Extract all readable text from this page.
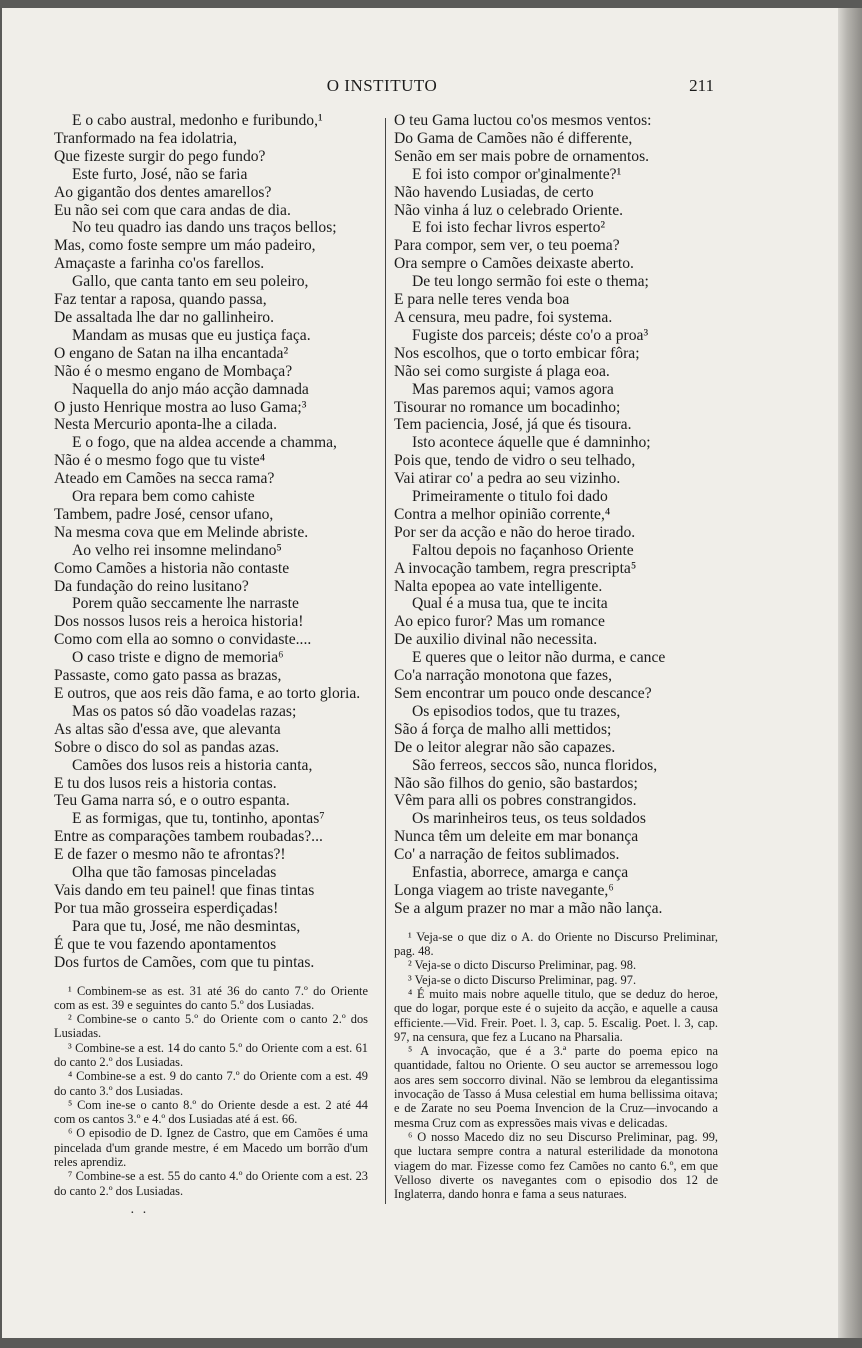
O INSTITUTO	211
E o cabo austral, medonho e furibundo,¹
Tranformado na fea idolatria,
Que fizeste surgir do pego fundo?
Este furto, José, não se faria
Ao gigantão dos dentes amarellos?
Eu não sei com que cara andas de dia.
No teu quadro ias dando uns traços bellos;
Mas, como foste sempre um máo padeiro,
Amaçaste a farinha co'os farellos.
Gallo, que canta tanto em seu poleiro,
Faz tentar a raposa, quando passa,
De assaltada lhe dar no gallinheiro.
Mandam as musas que eu justiça faça.
O engano de Satan na ilha encantada²
Não é o mesmo engano de Mombaça?
Naquella do anjo máo acção damnada
O justo Henrique mostra ao luso Gama;³
Nesta Mercurio aponta-lhe a cilada.
E o fogo, que na aldea accende a chamma,
Não é o mesmo fogo que tu viste⁴
Ateado em Camões na secca rama?
Ora repara bem como cahiste
Tambem, padre José, censor ufano,
Na mesma cova que em Melinde abriste.
Ao velho rei insomne melindano⁵
Como Camões a historia não contaste
Da fundação do reino lusitano?
Porem quão seccamente lhe narraste
Dos nossos lusos reis a heroica historia!
Como com ella ao somno o convidaste....
O caso triste e digno de memoria⁶
Passaste, como gato passa as brazas,
E outros, que aos reis dão fama, e ao torto gloria.
Mas os patos só dão voadelas razas;
As altas são d'essa ave, que alevanta
Sobre o disco do sol as pandas azas.
Camões dos lusos reis a historia canta,
E tu dos lusos reis a historia contas.
Teu Gama narra só, e o outro espanta.
E as formigas, que tu, tontinho, apontas⁷
Entre as comparações tambem roubadas?...
E de fazer o mesmo não te afrontas?!
Olha que tão famosas pinceladas
Vais dando em teu painel! que finas tintas
Por tua mão grosseira esperdiçadas!
Para que tu, José, me não desmintas,
É que te vou fazendo apontamentos
Dos furtos de Camões, com que tu pintas.
¹ Combinem-se as est. 31 até 36 do canto 7.º do Oriente com as est. 39 e seguintes do canto 5.º dos Lusiadas.
² Combine-se o canto 5.º do Oriente com o canto 2.º dos Lusiadas.
³ Combine-se a est. 14 do canto 5.º do Oriente com a est. 61 do canto 2.º dos Lusiadas.
⁴ Combine-se a est. 9 do canto 7.º do Oriente com a est. 49 do canto 3.º dos Lusiadas.
⁵ Com ine-se o canto 8.º do Oriente desde a est. 2 até 44 com os cantos 3.º e 4.º dos Lusiadas até á est. 66.
⁶ O episodio de D. Ignez de Castro, que em Camões é uma pincelada d'um grande mestre, é em Macedo um borrão d'um reles aprendiz.
⁷ Combine-se a est. 55 do canto 4.º do Oriente com a est. 23 do canto 2.º dos Lusiadas.
O teu Gama luctou co'os mesmos ventos:
Do Gama de Camões não é differente,
Senão em ser mais pobre de ornamentos.
E foi isto compor or'ginalmente?¹
Não havendo Lusiadas, de certo
Não vinha á luz o celebrado Oriente.
E foi isto fechar livros esperto²
Para compor, sem ver, o teu poema?
Ora sempre o Camões deixaste aberto.
De teu longo sermão foi este o thema;
E para nelle teres venda boa
A censura, meu padre, foi systema.
Fugiste dos parceis; déste co'o a proa³
Nos escolhos, que o torto embicar fôra;
Não sei como surgiste á plaga eoa.
Mas paremos aqui; vamos agora
Tisourar no romance um bocadinho;
Tem paciencia, José, já que és tisoura.
Isto acontece áquelle que é damninho;
Pois que, tendo de vidro o seu telhado,
Vai atirar co' a pedra ao seu vizinho.
Primeiramente o titulo foi dado
Contra a melhor opinião corrente,⁴
Por ser da acção e não do heroe tirado.
Faltou depois no façanhoso Oriente
A invocação tambem, regra prescripta⁵
Nalta epopea ao vate intelligente.
Qual é a musa tua, que te incita
Ao epico furor? Mas um romance
De auxilio divinal não necessita.
E queres que o leitor não durma, e cance
Co'a narração monotona que fazes,
Sem encontrar um pouco onde descance?
Os episodios todos, que tu trazes,
São á força de malho alli mettidos;
De o leitor alegrar não são capazes.
São ferreos, seccos são, nunca floridos,
Não são filhos do genio, são bastardos;
Vêm para alli os pobres constrangidos.
Os marinheiros teus, os teus soldados
Nunca têm um deleite em mar bonança
Co' a narração de feitos sublimados.
Enfastia, aborrece, amarga e cança
Longa viagem ao triste navegante,⁶
Se a algum prazer no mar a mão não lança.
¹ Veja-se o que diz o A. do Oriente no Discurso Preliminar, pag. 48.
² Veja-se o dicto Discurso Preliminar, pag. 98.
³ Veja-se o dicto Discurso Preliminar, pag. 97.
⁴ É muito mais nobre aquelle titulo, que se deduz do heroe, que do logar, porque este é o sujeito da acção, e aquelle a causa efficiente.—Vid. Freir. Poet. l. 3, cap. 5. Escalig. Poet. l. 3, cap. 97, na censura, que fez a Lucano na Pharsalia.
⁵ A invocação, que é a 3.ª parte do poema epico na quantidade, faltou no Oriente. O seu auctor se arremessou logo aos ares sem soccorro divinal. Não se lembrou da elegantissima invocação de Tasso á Musa celestial em huma bellissima oitava; e de Zarate no seu Poema Invencion de la Cruz—invocando a mesma Cruz com as expressões mais vivas e delicadas.
⁶ O nosso Macedo diz no seu Discurso Preliminar, pag. 99, que luctara sempre contra a natural esterilidade da monotona viagem do mar. Fizesse como fez Camões no canto 6.º, em que Velloso diverte os navegantes com o episodio dos 12 de Inglaterra, dando honra e fama a seus naturaes.
· ·
